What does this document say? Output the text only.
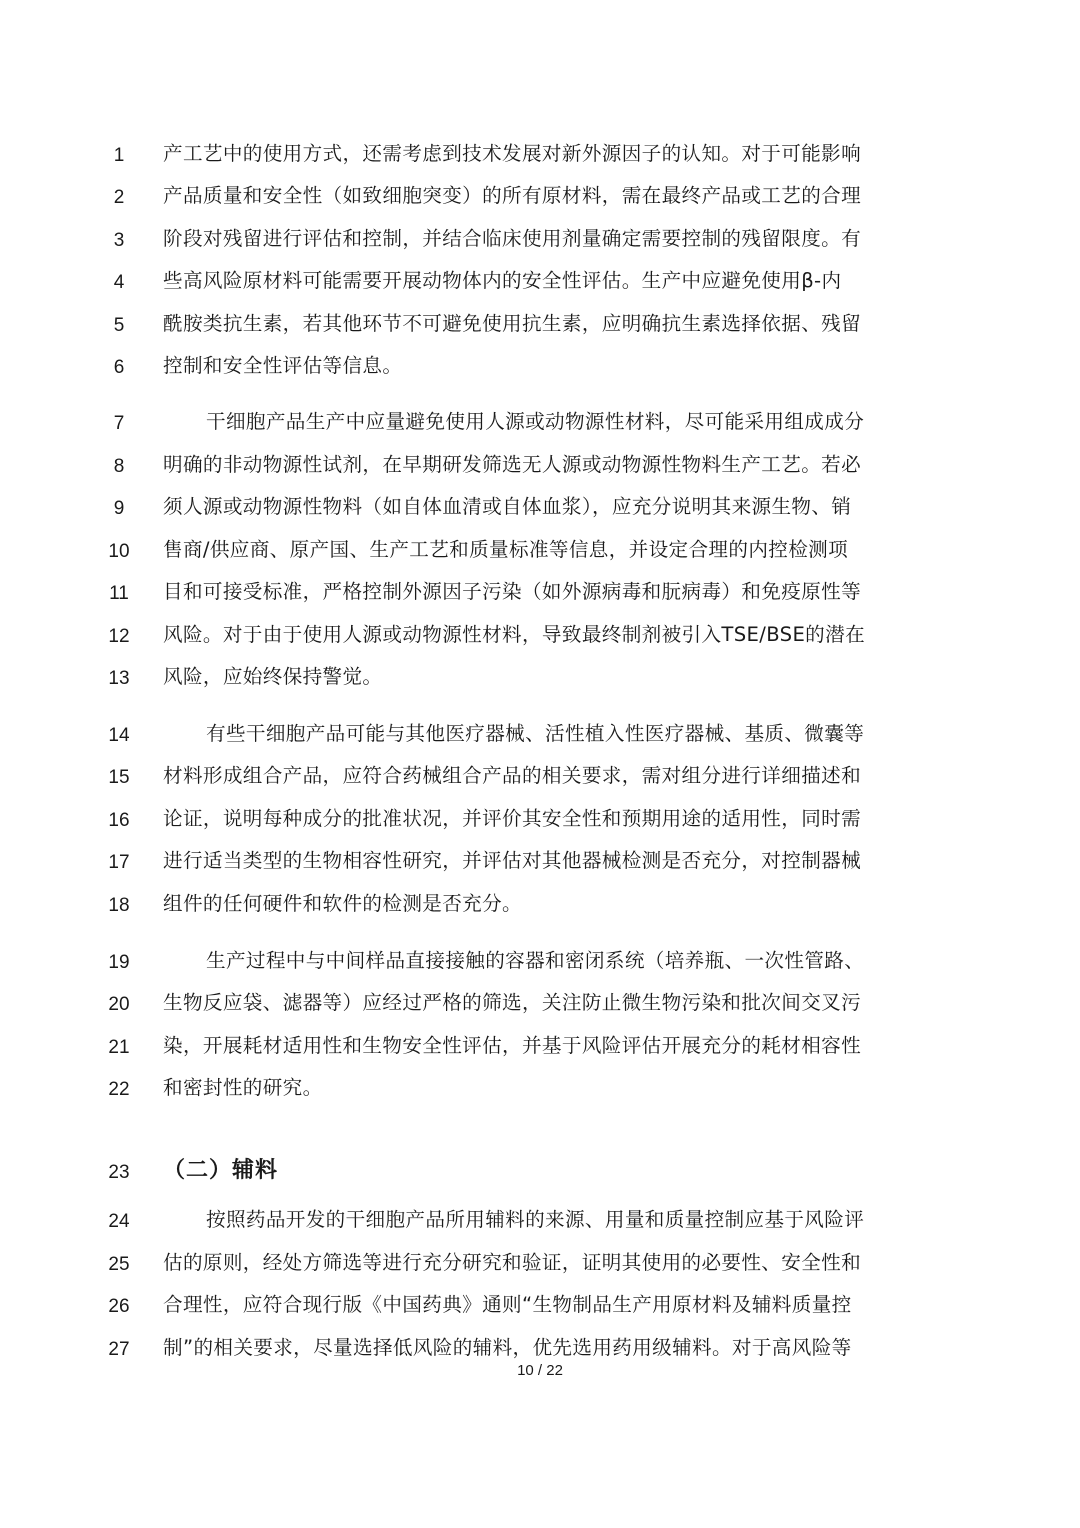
1	产工艺中的使用方式，还需考虑到技术发展对新外源因子的认知。对于可能影响
2	产品质量和安全性（如致细胞突变）的所有原材料，需在最终产品或工艺的合理
3	阶段对残留进行评估和控制，并结合临床使用剂量确定需要控制的残留限度。有
4	些高风险原材料可能需要开展动物体内的安全性评估。生产中应避免使用β-内
5	酰胺类抗生素，若其他环节不可避免使用抗生素，应明确抗生素选择依据、残留
6	控制和安全性评估等信息。
7	干细胞产品生产中应量避免使用人源或动物源性材料，尽可能采用组成成分
8	明确的非动物源性试剂，在早期研发筛选无人源或动物源性物料生产工艺。若必
9	须人源或动物源性物料（如自体血清或自体血浆），应充分说明其来源生物、销
10	售商/供应商、原产国、生产工艺和质量标准等信息，并设定合理的内控检测项
11	目和可接受标准，严格控制外源因子污染（如外源病毒和朊病毒）和免疫原性等
12	风险。对于由于使用人源或动物源性材料，导致最终制剂被引入TSE/BSE的潜在
13	风险，应始终保持警觉。
14	有些干细胞产品可能与其他医疗器械、活性植入性医疗器械、基质、微囊等
15	材料形成组合产品，应符合药械组合产品的相关要求，需对组分进行详细描述和
16	论证，说明每种成分的批准状况，并评价其安全性和预期用途的适用性，同时需
17	进行适当类型的生物相容性研究，并评估对其他器械检测是否充分，对控制器械
18	组件的任何硬件和软件的检测是否充分。
19	生产过程中与中间样品直接接触的容器和密闭系统（培养瓶、一次性管路、
20	生物反应袋、滤器等）应经过严格的筛选，关注防止微生物污染和批次间交叉污
21	染，开展耗材适用性和生物安全性评估，并基于风险评估开展充分的耗材相容性
22	和密封性的研究。
23	（二）辅料
24	按照药品开发的干细胞产品所用辅料的来源、用量和质量控制应基于风险评
25	估的原则，经处方筛选等进行充分研究和验证，证明其使用的必要性、安全性和
26	合理性，应符合现行版《中国药典》通则“生物制品生产用原材料及辅料质量控
27	制”的相关要求，尽量选择低风险的辅料，优先选用药用级辅料。对于高风险等
10 / 22
